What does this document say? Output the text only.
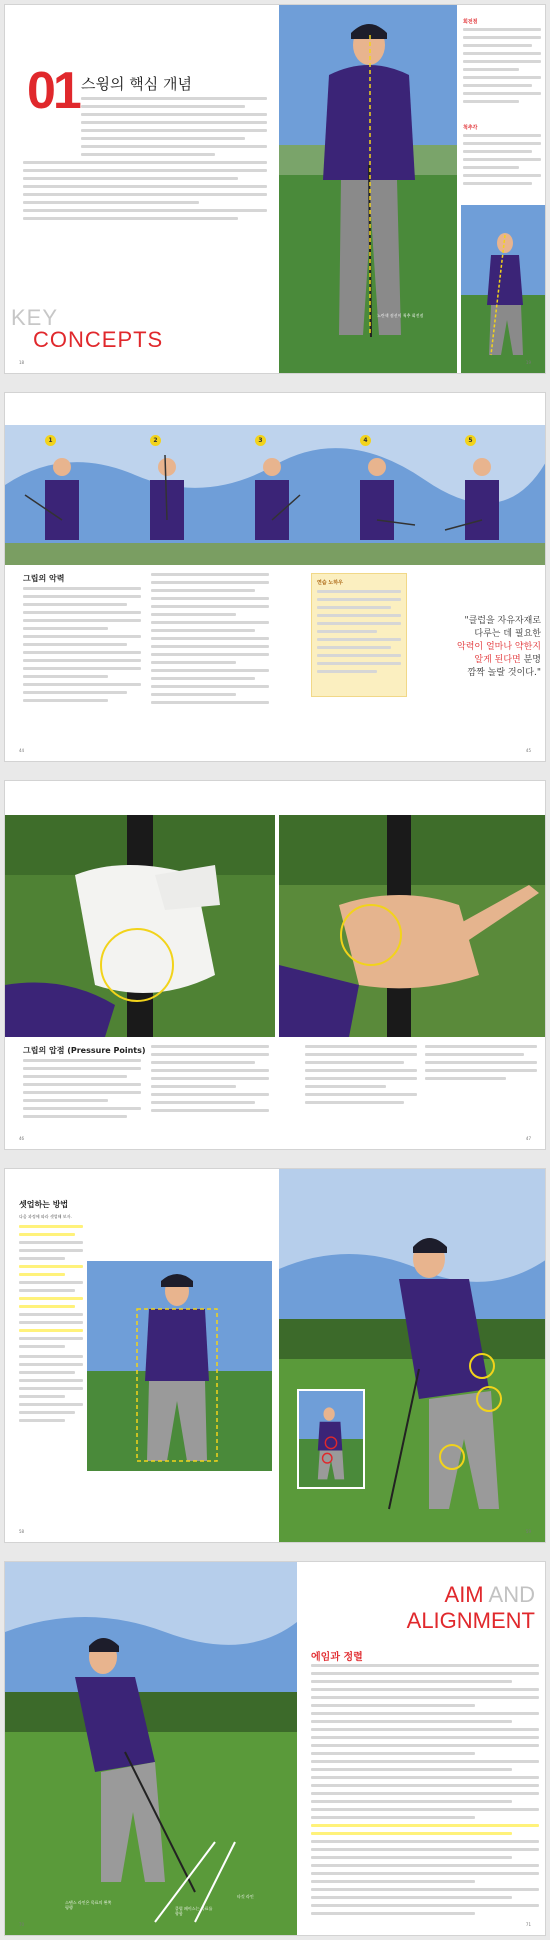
01 스윙의 핵심 개념
KEY
CONCEPTS
노란색 점선이 척추 회전점
회전점
척추각
18	19
1	2	3	4	5
그립의 악력	연습 노하우
"클럽을 자유자재로
다루는 데 필요한
악력이 얼마나 약한지
알게 된다면 분명
깜짝 놀랄 것이다."
44	45
그립의 압점 (Pressure Points)
46	47
셋업하는 방법
다음 과정에 따라 셋업해 보자.
58	59
스탠스 라인은 목표의 왼쪽 평행	클럽 페이스는 목표를 향함
타깃 라인
AIM AND
ALIGNMENT
에임과 정렬
70	71
